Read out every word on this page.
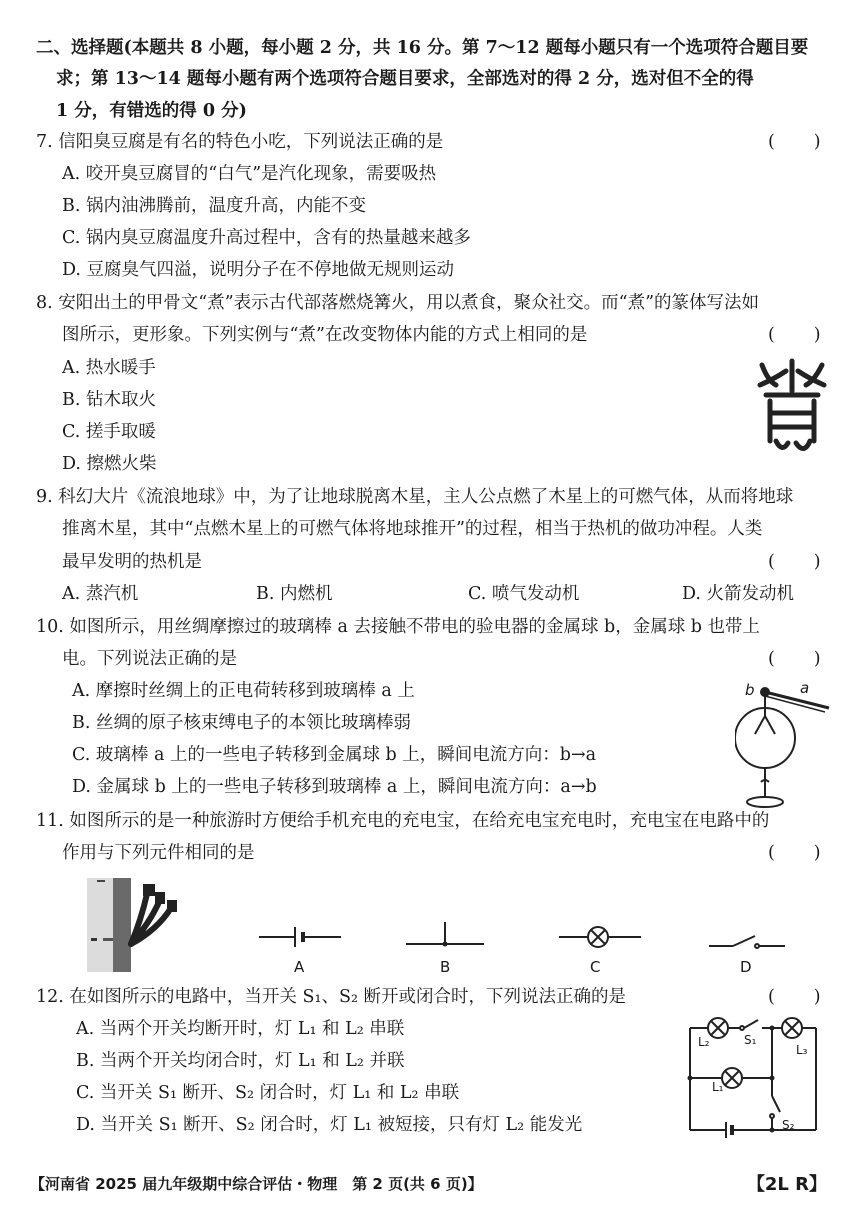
二、选择题(本题共 8 小题，每小题 2 分，共 16 分。第 7～12 题每小题只有一个选项符合题目要
求；第 13～14 题每小题有两个选项符合题目要求，全部选对的得 2 分，选对但不全的得
1 分，有错选的得 0 分)
7. 信阳臭豆腐是有名的特色小吃，下列说法正确的是	(       )
A. 咬开臭豆腐冒的“白气”是汽化现象，需要吸热
B. 锅内油沸腾前，温度升高，内能不变
C. 锅内臭豆腐温度升高过程中，含有的热量越来越多
D. 豆腐臭气四溢，说明分子在不停地做无规则运动
8. 安阳出土的甲骨文“煮”表示古代部落燃烧篝火，用以煮食，聚众社交。而“煮”的篆体写法如
图所示，更形象。下列实例与“煮”在改变物体内能的方式上相同的是	(       )
A. 热水暖手
B. 钻木取火
C. 搓手取暖
D. 擦燃火柴
9. 科幻大片《流浪地球》中，为了让地球脱离木星，主人公点燃了木星上的可燃气体，从而将地球
推离木星，其中“点燃木星上的可燃气体将地球推开”的过程，相当于热机的做功冲程。人类
最早发明的热机是	(       )
A. 蒸汽机	B. 内燃机	C. 喷气发动机	D. 火箭发动机
10. 如图所示，用丝绸摩擦过的玻璃棒 a 去接触不带电的验电器的金属球 b，金属球 b 也带上
电。下列说法正确的是	(       )
A. 摩擦时丝绸上的正电荷转移到玻璃棒 a 上
B. 丝绸的原子核束缚电子的本领比玻璃棒弱
C. 玻璃棒 a 上的一些电子转移到金属球 b 上，瞬间电流方向：b→a
D. 金属球 b 上的一些电子转移到玻璃棒 a 上，瞬间电流方向：a→b
b	a
11. 如图所示的是一种旅游时方便给手机充电的充电宝，在给充电宝充电时，充电宝在电路中的
作用与下列元件相同的是	(       )
A	B	C	D
12. 在如图所示的电路中，当开关 S₁、S₂ 断开或闭合时，下列说法正确的是	(       )
A. 当两个开关均断开时，灯 L₁ 和 L₂ 串联
B. 当两个开关均闭合时，灯 L₁ 和 L₂ 并联
C. 当开关 S₁ 断开、S₂ 闭合时，灯 L₁ 和 L₂ 串联
D. 当开关 S₁ 断开、S₂ 闭合时，灯 L₁ 被短接，只有灯 L₂ 能发光
L₂	S₁
L₃
L₁
S₂
【河南省 2025 届九年级期中综合评估・物理　第 2 页(共 6 页)】	【2L R】
